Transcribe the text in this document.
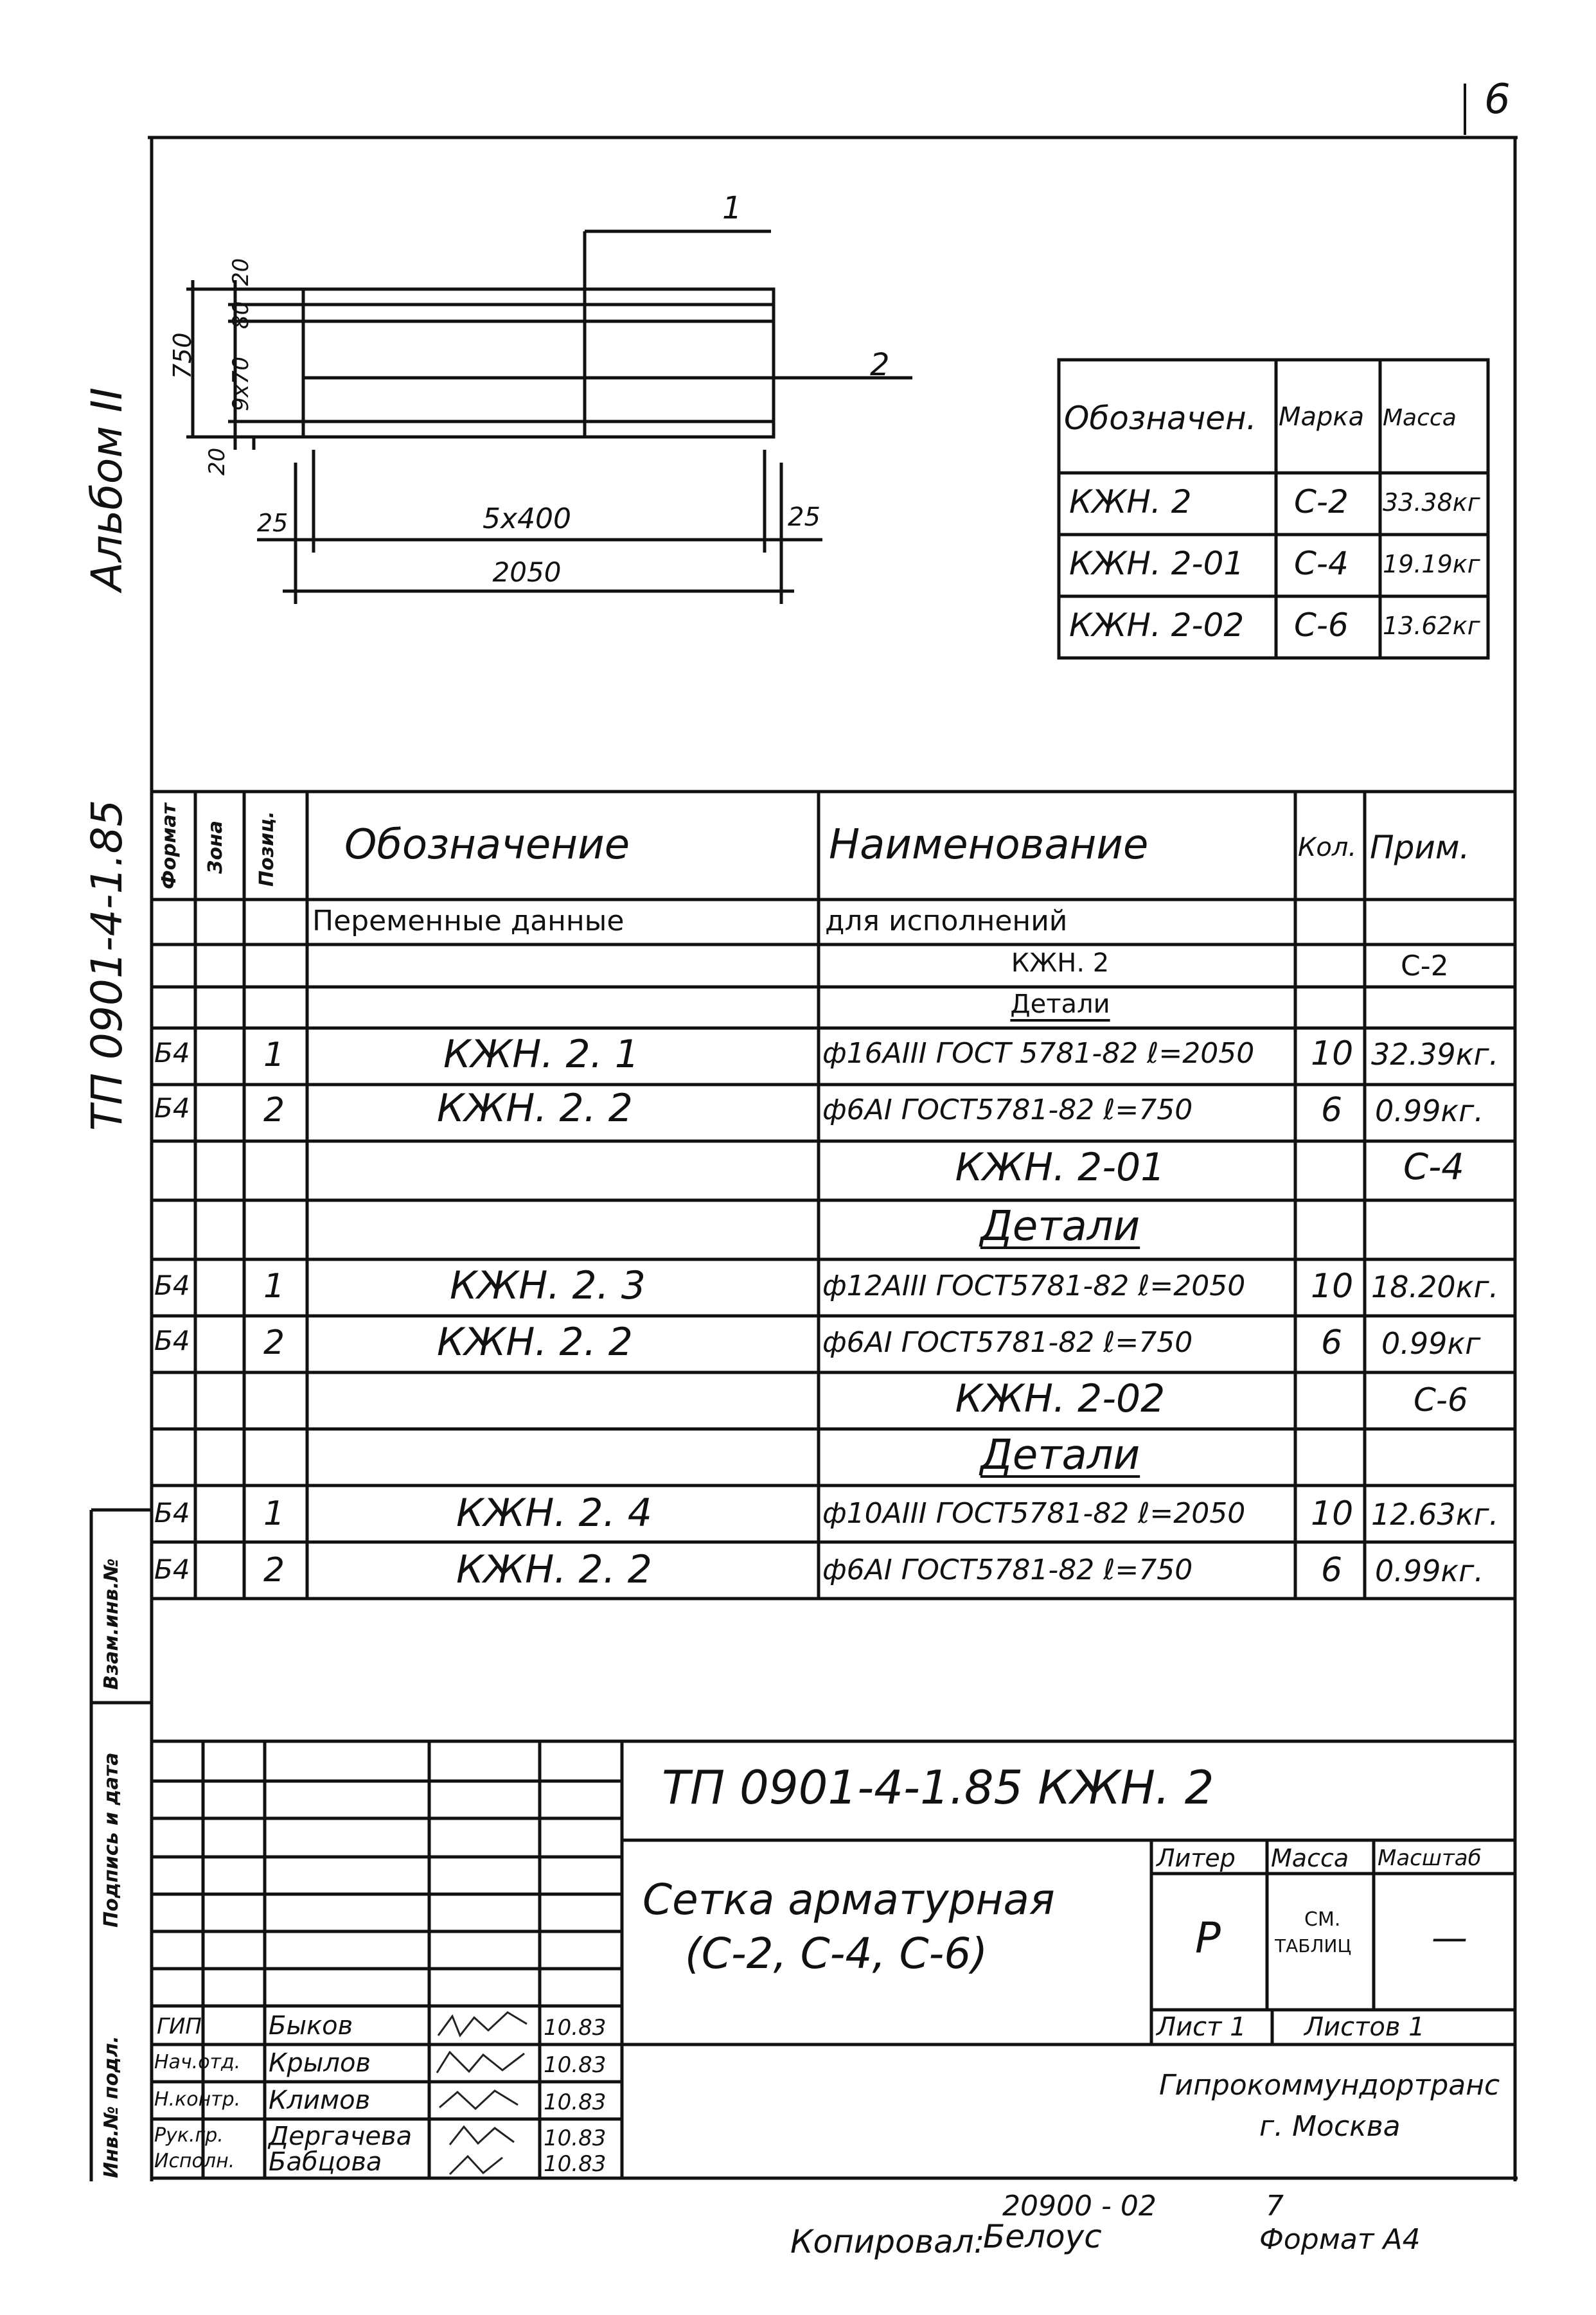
6
Альбом II
ТП 0901-4-1.85
Взам.инв.№
Подпись и дата
Инв.№ подл.
20
80
9x70
750
20
25	5x400	25
2050
1
2
Обозначен. Марка Масса
КЖН. 2	С-2 33.38кг
КЖН. 2-01 С-4 19.19кг
КЖН. 2-02 С-6 13.62кг
Формат Зона Позиц. Обозначение	Наименование	Кол. Прим.
Переменные данные	для исполнений
КЖН. 2	С-2
Детали
Б4 1	КЖН. 2. 1	ф16АIII ГОСТ 5781-82 ℓ=2050 10 32.39кг.
Б4 2	КЖН. 2. 2	ф6АI ГОСТ5781-82 ℓ=750	6 0.99кг.
КЖН. 2-01	С-4
Детали
Б4 1	КЖН. 2. 3	ф12АIII ГОСТ5781-82 ℓ=2050 10 18.20кг.
Б4 2	КЖН. 2. 2	ф6АI ГОСТ5781-82 ℓ=750	6 0.99кг
КЖН. 2-02	С-6
Детали
Б4 1	КЖН. 2. 4	ф10АIII ГОСТ5781-82 ℓ=2050 10 12.63кг.
Б4 2	КЖН. 2. 2	ф6АI ГОСТ5781-82 ℓ=750	6 0.99кг.
ТП 0901-4-1.85 КЖН. 2
Сетка арматурная
(С-2, С-4, С-6)
Литер Масса Масштаб
Р	СМ.
ТАБЛИЦ —
Лист 1 Листов 1
Гипрокоммундортранс
г. Москва
ГИП	Быков	10.83
Нач.отд. Крылов	10.83
Н.контр. Климов	10.83
Рук.гр. Дергачева	10.83
Исполн. Бабцова	10.83
20900 - 02	7
Копировал:
Белоус	Формат А4
